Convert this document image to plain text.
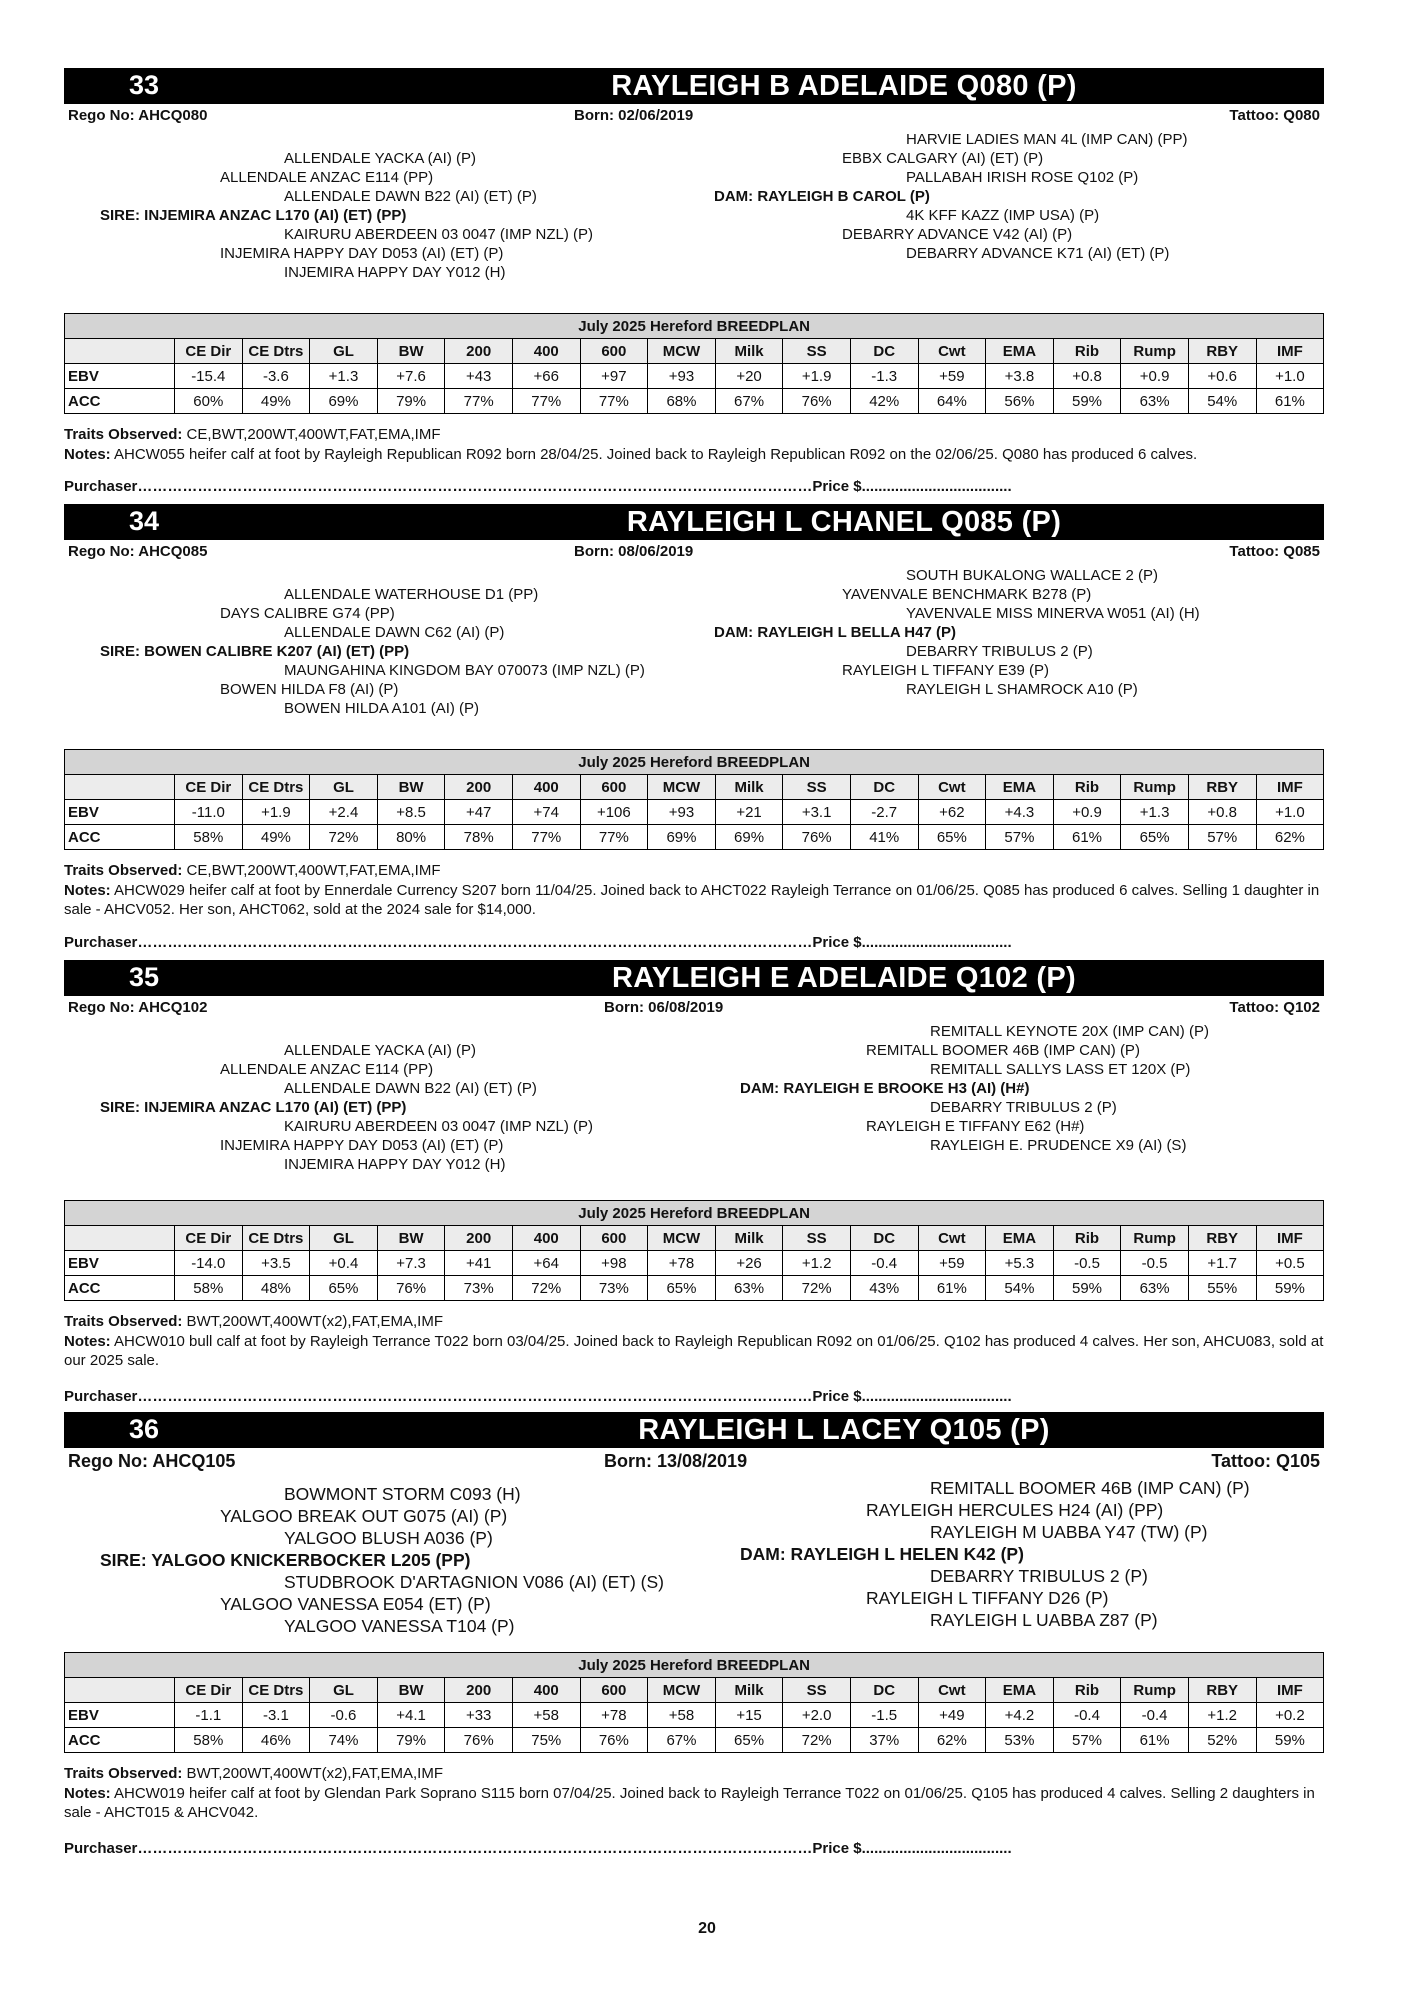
33	RAYLEIGH B ADELAIDE Q080 (P)
Rego No: AHCQ080	Born: 02/06/2019	Tattoo: Q080
ALLENDALE YACKA (AI) (P)
ALLENDALE ANZAC E114 (PP)
ALLENDALE DAWN B22 (AI) (ET) (P)
SIRE: INJEMIRA ANZAC L170 (AI) (ET) (PP)
KAIRURU ABERDEEN 03 0047 (IMP NZL) (P)
INJEMIRA HAPPY DAY D053 (AI) (ET) (P)
INJEMIRA HAPPY DAY Y012 (H)
HARVIE LADIES MAN 4L (IMP CAN) (PP)
EBBX CALGARY (AI) (ET) (P)
PALLABAH IRISH ROSE Q102 (P)
DAM: RAYLEIGH B CAROL (P)
4K KFF KAZZ (IMP USA) (P)
DEBARRY ADVANCE V42 (AI) (P)
DEBARRY ADVANCE K71 (AI) (ET) (P)
July 2025 Hereford BREEDPLAN																	
	CE Dir	CE Dtrs	GL	BW	200	400	600	MCW	Milk	SS	DC	Cwt	EMA	Rib	Rump	RBY	IMF
EBV	-15.4	-3.6	+1.3	+7.6	+43	+66	+97	+93	+20	+1.9	-1.3	+59	+3.8	+0.8	+0.9	+0.6	+1.0
ACC	60%	49%	69%	79%	77%	77%	77%	68%	67%	76%	42%	64%	56%	59%	63%	54%	61%
Traits Observed: CE,BWT,200WT,400WT,FAT,EMA,IMF
Notes: AHCW055 heifer calf at foot by Rayleigh Republican R092 born 28/04/25. Joined back to Rayleigh Republican R092 on the 02/06/25. Q080 has produced 6 calves.
Purchaser………………………………………………………………………………………………………………………Price $....................................
34	RAYLEIGH L CHANEL Q085 (P)
Rego No: AHCQ085	Born: 08/06/2019	Tattoo: Q085
ALLENDALE WATERHOUSE D1 (PP)
DAYS CALIBRE G74 (PP)
ALLENDALE DAWN C62 (AI) (P)
SIRE: BOWEN CALIBRE K207 (AI) (ET) (PP)
MAUNGAHINA KINGDOM BAY 070073 (IMP NZL) (P)
BOWEN HILDA F8 (AI) (P)
BOWEN HILDA A101 (AI) (P)
SOUTH BUKALONG WALLACE 2 (P)
YAVENVALE BENCHMARK B278 (P)
YAVENVALE MISS MINERVA W051 (AI) (H)
DAM: RAYLEIGH L BELLA H47 (P)
DEBARRY TRIBULUS 2 (P)
RAYLEIGH L TIFFANY E39 (P)
RAYLEIGH L SHAMROCK A10 (P)
July 2025 Hereford BREEDPLAN																	
	CE Dir	CE Dtrs	GL	BW	200	400	600	MCW	Milk	SS	DC	Cwt	EMA	Rib	Rump	RBY	IMF
EBV	-11.0	+1.9	+2.4	+8.5	+47	+74	+106	+93	+21	+3.1	-2.7	+62	+4.3	+0.9	+1.3	+0.8	+1.0
ACC	58%	49%	72%	80%	78%	77%	77%	69%	69%	76%	41%	65%	57%	61%	65%	57%	62%
Traits Observed: CE,BWT,200WT,400WT,FAT,EMA,IMF
Notes: AHCW029 heifer calf at foot by Ennerdale Currency S207 born 11/04/25. Joined back to AHCT022 Rayleigh Terrance on 01/06/25. Q085 has produced 6 calves. Selling 1 daughter in sale - AHCV052. Her son, AHCT062, sold at the 2024 sale for $14,000.
Purchaser………………………………………………………………………………………………………………………Price $....................................
35	RAYLEIGH E ADELAIDE Q102 (P)
Rego No: AHCQ102	Born: 06/08/2019	Tattoo: Q102
ALLENDALE YACKA (AI) (P)
ALLENDALE ANZAC E114 (PP)
ALLENDALE DAWN B22 (AI) (ET) (P)
SIRE: INJEMIRA ANZAC L170 (AI) (ET) (PP)
KAIRURU ABERDEEN 03 0047 (IMP NZL) (P)
INJEMIRA HAPPY DAY D053 (AI) (ET) (P)
INJEMIRA HAPPY DAY Y012 (H)
REMITALL KEYNOTE 20X (IMP CAN) (P)
REMITALL BOOMER 46B (IMP CAN) (P)
REMITALL SALLYS LASS ET 120X (P)
DAM: RAYLEIGH E BROOKE H3 (AI) (H#)
DEBARRY TRIBULUS 2 (P)
RAYLEIGH E TIFFANY E62 (H#)
RAYLEIGH E. PRUDENCE X9 (AI) (S)
July 2025 Hereford BREEDPLAN																	
	CE Dir	CE Dtrs	GL	BW	200	400	600	MCW	Milk	SS	DC	Cwt	EMA	Rib	Rump	RBY	IMF
EBV	-14.0	+3.5	+0.4	+7.3	+41	+64	+98	+78	+26	+1.2	-0.4	+59	+5.3	-0.5	-0.5	+1.7	+0.5
ACC	58%	48%	65%	76%	73%	72%	73%	65%	63%	72%	43%	61%	54%	59%	63%	55%	59%
Traits Observed: BWT,200WT,400WT(x2),FAT,EMA,IMF
Notes: AHCW010 bull calf at foot by Rayleigh Terrance T022 born 03/04/25. Joined back to Rayleigh Republican R092 on 01/06/25. Q102 has produced 4 calves. Her son, AHCU083, sold at our 2025 sale.
Purchaser………………………………………………………………………………………………………………………Price $....................................
36	RAYLEIGH L LACEY Q105 (P)
Rego No: AHCQ105	Born: 13/08/2019	Tattoo: Q105
BOWMONT STORM C093 (H)
YALGOO BREAK OUT G075 (AI) (P)
YALGOO BLUSH A036 (P)
SIRE: YALGOO KNICKERBOCKER L205 (PP)
STUDBROOK D'ARTAGNION V086 (AI) (ET) (S)
YALGOO VANESSA E054 (ET) (P)
YALGOO VANESSA T104 (P)
REMITALL BOOMER 46B (IMP CAN) (P)
RAYLEIGH HERCULES H24 (AI) (PP)
RAYLEIGH M UABBA Y47 (TW) (P)
DAM: RAYLEIGH L HELEN K42 (P)
DEBARRY TRIBULUS 2 (P)
RAYLEIGH L TIFFANY D26 (P)
RAYLEIGH L UABBA Z87 (P)
July 2025 Hereford BREEDPLAN																	
	CE Dir	CE Dtrs	GL	BW	200	400	600	MCW	Milk	SS	DC	Cwt	EMA	Rib	Rump	RBY	IMF
EBV	-1.1	-3.1	-0.6	+4.1	+33	+58	+78	+58	+15	+2.0	-1.5	+49	+4.2	-0.4	-0.4	+1.2	+0.2
ACC	58%	46%	74%	79%	76%	75%	76%	67%	65%	72%	37%	62%	53%	57%	61%	52%	59%
Traits Observed: BWT,200WT,400WT(x2),FAT,EMA,IMF
Notes: AHCW019 heifer calf at foot by Glendan Park Soprano S115 born 07/04/25. Joined back to Rayleigh Terrance T022 on 01/06/25. Q105 has produced 4 calves. Selling 2 daughters in sale - AHCT015 & AHCV042.
Purchaser………………………………………………………………………………………………………………………Price $....................................
20
